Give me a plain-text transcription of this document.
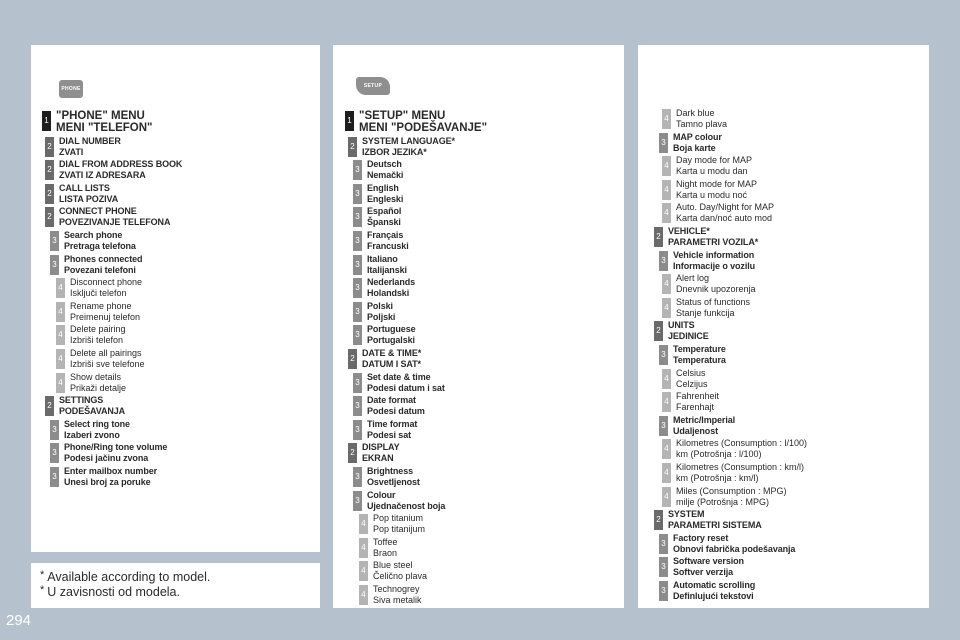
* Available according to model.
* U zavisnosti od modela.
PHONE	SETUP
1 "PHONE" MENU
MENI "TELEFON"
2
DIAL NUMBER
ZVATI
2
DIAL FROM ADDRESS BOOK
ZVATI IZ ADRESARA
2
CALL LISTS
LISTA POZIVA
2
CONNECT PHONE
POVEZIVANJE TELEFONA
3
Search phone
Pretraga telefona
3
Phones connected
Povezani telefoni
4
Disconnect phone
Isključi telefon
4
Rename phone
Preimenuj telefon
4
Delete pairing
Izbriši telefon
4
Delete all pairings
Izbriši sve telefone
4
Show details
Prikaži detalje
2
SETTINGS
PODEŠAVANJA
3
Select ring tone
Izaberi zvono
3
Phone/Ring tone volume
Podesi jačinu zvona
3
Enter mailbox number
Unesi broj za poruke
1 "SETUP" MENU
MENI "PODEŠAVANJE"
2
SYSTEM LANGUAGE*
IZBOR JEZIKA*
3
Deutsch
Nemački
3
English
Engleski
3
Español
Španski
3
Français
Francuski
3
Italiano
Italijanski
3
Nederlands
Holandski
3
Polski
Poljski
3
Portuguese
Portugalski
2
DATE & TIME*
DATUM I SAT*
3
Set date & time
Podesi datum i sat
3
Date format
Podesi datum
3
Time format
Podesi sat
2
DISPLAY
EKRAN
3
Brightness
Osvetljenost
3
Colour
Ujednačenost boja
4
Pop titanium
Pop titanijum
4
Toffee
Braon
4
Blue steel
Čelično plava
4
Technogrey
Siva metalik
4
Dark blue
Tamno plava
3
MAP colour
Boja karte
4
Day mode for MAP
Karta u modu dan
4
Night mode for MAP
Karta u modu noć
4
Auto. Day/Night for MAP
Karta dan/noć auto mod
2
VEHICLE*
PARAMETRI VOZILA*
3
Vehicle information
Informacije o vozilu
4
Alert log
Dnevnik upozorenja
4
Status of functions
Stanje funkcija
2
UNITS
JEDINICE
3
Temperature
Temperatura
4
Celsius
Celzijus
4
Fahrenheit
Farenhajt
3
Metric/Imperial
Udaljenost
4
Kilometres (Consumption : l/100)
km (Potrošnja : l/100)
4
Kilometres (Consumption : km/l)
km (Potrošnja : km/l)
4
Miles (Consumption : MPG)
milje (Potrošnja : MPG)
2
SYSTEM
PARAMETRI SISTEMA
3
Factory reset
Obnovi fabrička podešavanja
3
Software version
Softver verzija
3
Automatic scrolling
Definlujući tekstovi
294
